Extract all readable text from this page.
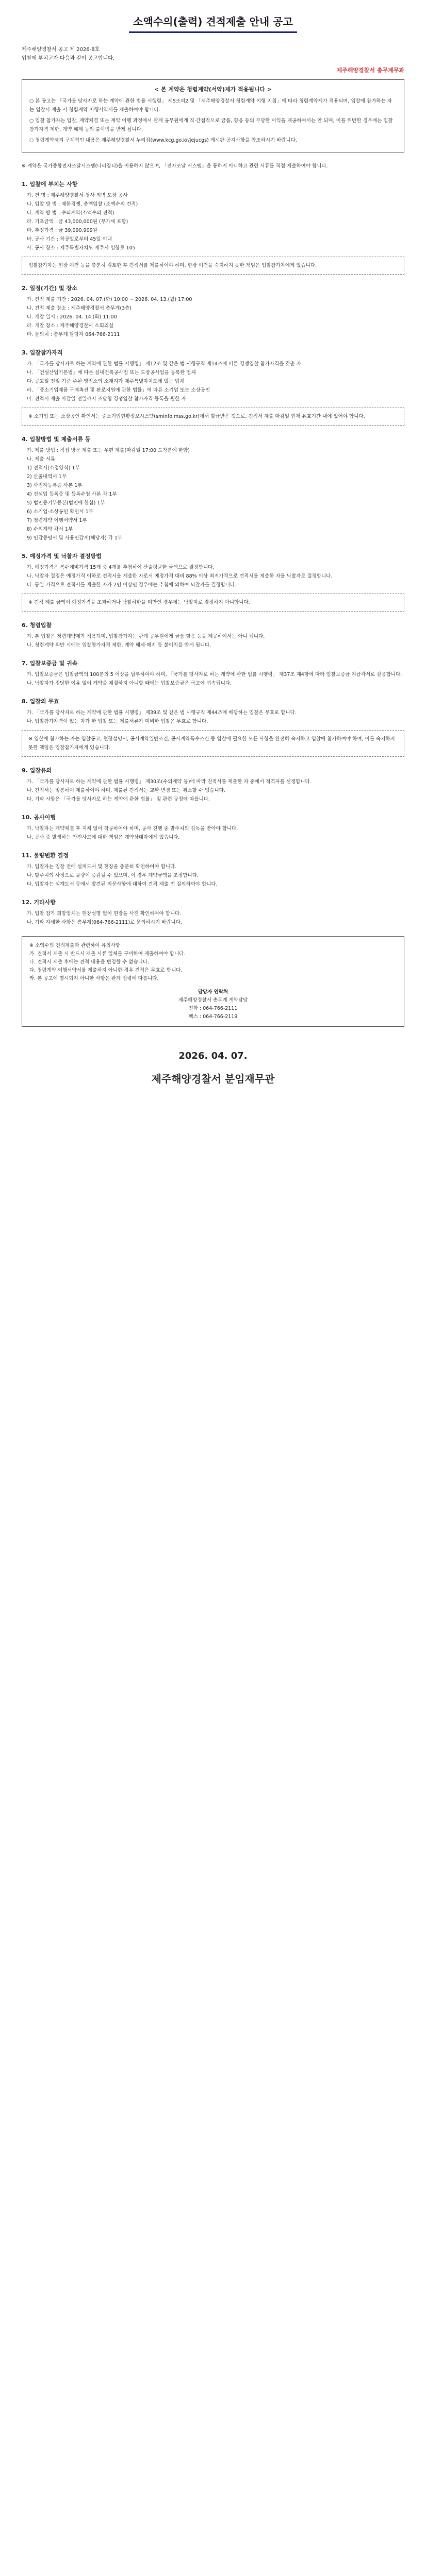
소액수의(출력) 견적제출 안내 공고
제주해양경찰서 공고 제 2026-8호
입찰에 부치고자 다음과 같이 공고합니다.
제주해양경찰서 총무계무과
< 본 계약은 청렴계약(서약)제가 적용됩니다 >
○ 본 공고는 「국가를 당사자로 하는 계약에 관한 법률 시행령」 제5조의2 및 「제주해양경찰서 청렴계약 이행 지침」에 따라 청렴계약제가 적용되며, 입찰에 참가하는 자는 입찰서 제출 시 청렴계약 이행서약서를 제출하여야 합니다.
○ 입찰 참가자는 입찰, 계약체결 또는 계약 이행 과정에서 관계 공무원에게 직·간접적으로 금품, 향응 등의 부당한 이익을 제공하여서는 안 되며, 이를 위반한 경우에는 입찰 참가자격 제한, 계약 해제 등의 불이익을 받게 됩니다.
○ 청렴계약제의 구체적인 내용은 제주해양경찰서 누리집(www.kcg.go.kr/jejucgs) 게시판 공지사항을 참조하시기 바랍니다.
※ 계약은 국가종합전자조달시스템(나라장터)을 이용하지 않으며, 「전자조달 시스템」을 통하지 아니하고 관련 서류를 직접 제출하여야 합니다.
1. 입찰에 부치는 사항
가. 건 명 : 제주해양경찰서 청사 외벽 도장 공사
나. 입찰 방 법 : 제한경쟁, 총액입찰 (소액수의 견적)
다. 계약 방 법 : 수의계약(소액수의 견적)
라. 기초금액 : 금 43,000,000원 (부가세 포함)
마. 추정가격 : 금 39,090,909원
바. 공사 기간 : 착공일로부터 45일 이내
사. 공사 장소 : 제주특별자치도 제주시 임항로 105
입찰참가자는 현장 여건 등을 충분히 검토한 후 견적서를 제출하여야 하며, 현장 여건을 숙지하지 못한 책임은 입찰참가자에게 있습니다.
2. 일정(기간) 및 장소
가. 견적 제출 기간 : 2026. 04. 07.(화) 10:00 ~ 2026. 04. 13.(월) 17:00
나. 견적 제출 장소 : 제주해양경찰서 총무계(3층)
다. 개찰 일시 : 2026. 04. 14.(화) 11:00
라. 개찰 장소 : 제주해양경찰서 소회의실
마. 문의처 : 총무계 담당자 064-766-2111
3. 입찰참가자격
가. 「국가를 당사자로 하는 계약에 관한 법률 시행령」 제12조 및 같은 법 시행규칙 제14조에 따른 경쟁입찰 참가자격을 갖춘 자
나. 「건설산업기본법」에 따른 실내건축공사업 또는 도장공사업을 등록한 업체
다. 공고일 전일 기준 주된 영업소의 소재지가 제주특별자치도에 있는 업체
라. 「중소기업제품 구매촉진 및 판로지원에 관한 법률」에 따른 소기업 또는 소상공인
마. 견적서 제출 마감일 전일까지 조달청 경쟁입찰 참가자격 등록을 필한 자
※ 소기업 또는 소상공인 확인서는 중소기업현황정보시스템(sminfo.mss.go.kr)에서 발급받은 것으로, 견적서 제출 마감일 현재 유효기간 내에 있어야 합니다.
4. 입찰방법 및 제출서류 등
가. 제출 방법 : 직접 방문 제출 또는 우편 제출(마감일 17:00 도착분에 한함)
나. 제출 서류
1) 견적서(소정양식) 1부
2) 산출내역서 1부
3) 사업자등록증 사본 1부
4) 건설업 등록증 및 등록수첩 사본 각 1부
5) 법인등기부등본(법인에 한함) 1부
6) 소기업·소상공인 확인서 1부
7) 청렴계약 이행서약서 1부
8) 수의계약 각서 1부
9) 인감증명서 및 사용인감계(해당자) 각 1부
5. 예정가격 및 낙찰자 결정방법
가. 예정가격은 복수예비가격 15개 중 4개를 추첨하여 산술평균한 금액으로 결정합니다.
나. 낙찰자 결정은 예정가격 이하로 견적서를 제출한 자로서 예정가격 대비 88% 이상 최저가격으로 견적서를 제출한 자를 낙찰자로 결정합니다.
다. 동일 가격으로 견적서를 제출한 자가 2인 이상인 경우에는 추첨에 의하여 낙찰자를 결정합니다.
※ 견적 제출 금액이 예정가격을 초과하거나 낙찰하한율 미만인 경우에는 낙찰자로 결정하지 아니합니다.
6. 청렴입찰
가. 본 입찰은 청렴계약제가 적용되며, 입찰참가자는 관계 공무원에게 금품·향응 등을 제공하여서는 아니 됩니다.
나. 청렴계약 위반 시에는 입찰참가자격 제한, 계약 해제·해지 등 불이익을 받게 됩니다.
7. 입찰보증금 및 귀속
가. 입찰보증금은 입찰금액의 100분의 5 이상을 납부하여야 하며, 「국가를 당사자로 하는 계약에 관한 법률 시행령」 제37조 제4항에 따라 입찰보증금 지급각서로 갈음합니다.
나. 낙찰자가 정당한 이유 없이 계약을 체결하지 아니할 때에는 입찰보증금은 국고에 귀속됩니다.
8. 입찰의 무효
가. 「국가를 당사자로 하는 계약에 관한 법률 시행령」 제39조 및 같은 법 시행규칙 제44조에 해당하는 입찰은 무효로 합니다.
나. 입찰참가자격이 없는 자가 한 입찰 또는 제출서류가 미비한 입찰은 무효로 합니다.
※ 입찰에 참가하는 자는 입찰공고, 현장설명서, 공사계약일반조건, 공사계약특수조건 등 입찰에 필요한 모든 사항을 완전히 숙지하고 입찰에 참가하여야 하며, 이를 숙지하지 못한 책임은 입찰참가자에게 있습니다.
9. 입찰유의
가. 「국가를 당사자로 하는 계약에 관한 법률 시행령」 제30조(수의계약 등)에 따라 견적서를 제출한 자 중에서 적격자를 선정합니다.
나. 견적서는 밀봉하여 제출하여야 하며, 제출된 견적서는 교환·변경 또는 취소할 수 없습니다.
다. 기타 사항은 「국가를 당사자로 하는 계약에 관한 법률」 및 관련 규정에 따릅니다.
10. 공사이행
가. 낙찰자는 계약체결 후 지체 없이 착공하여야 하며, 공사 진행 중 발주처의 감독을 받아야 합니다.
나. 공사 중 발생하는 안전사고에 대한 책임은 계약상대자에게 있습니다.
11. 물량변환 결정
가. 입찰자는 입찰 전에 설계도서 및 현장을 충분히 확인하여야 합니다.
나. 발주처의 사정으로 물량이 증감될 수 있으며, 이 경우 계약금액을 조정합니다.
다. 입찰자는 설계도서 등에서 발견된 의문사항에 대하여 견적 제출 전 질의하여야 합니다.
12. 기타사항
가. 입찰 참가 희망업체는 현장설명 없이 현장을 사전 확인하여야 합니다.
나. 기타 자세한 사항은 총무계(064-766-2111)로 문의하시기 바랍니다.
※ 소액수의 견적제출과 관련하여 유의사항
가. 견적서 제출 시 반드시 제출 서류 일체를 구비하여 제출하여야 합니다.
나. 견적서 제출 후에는 견적 내용을 변경할 수 없습니다.
다. 청렴계약 이행서약서를 제출하지 아니한 경우 견적은 무효로 합니다.
라. 본 공고에 명시되지 아니한 사항은 관계 법령에 따릅니다.
담당자 연락처
제주해양경찰서 총무계 계약담당
전화 : 064-766-2111
팩스 : 064-766-2119
2026. 04. 07.
제주해양경찰서 분임재무관
